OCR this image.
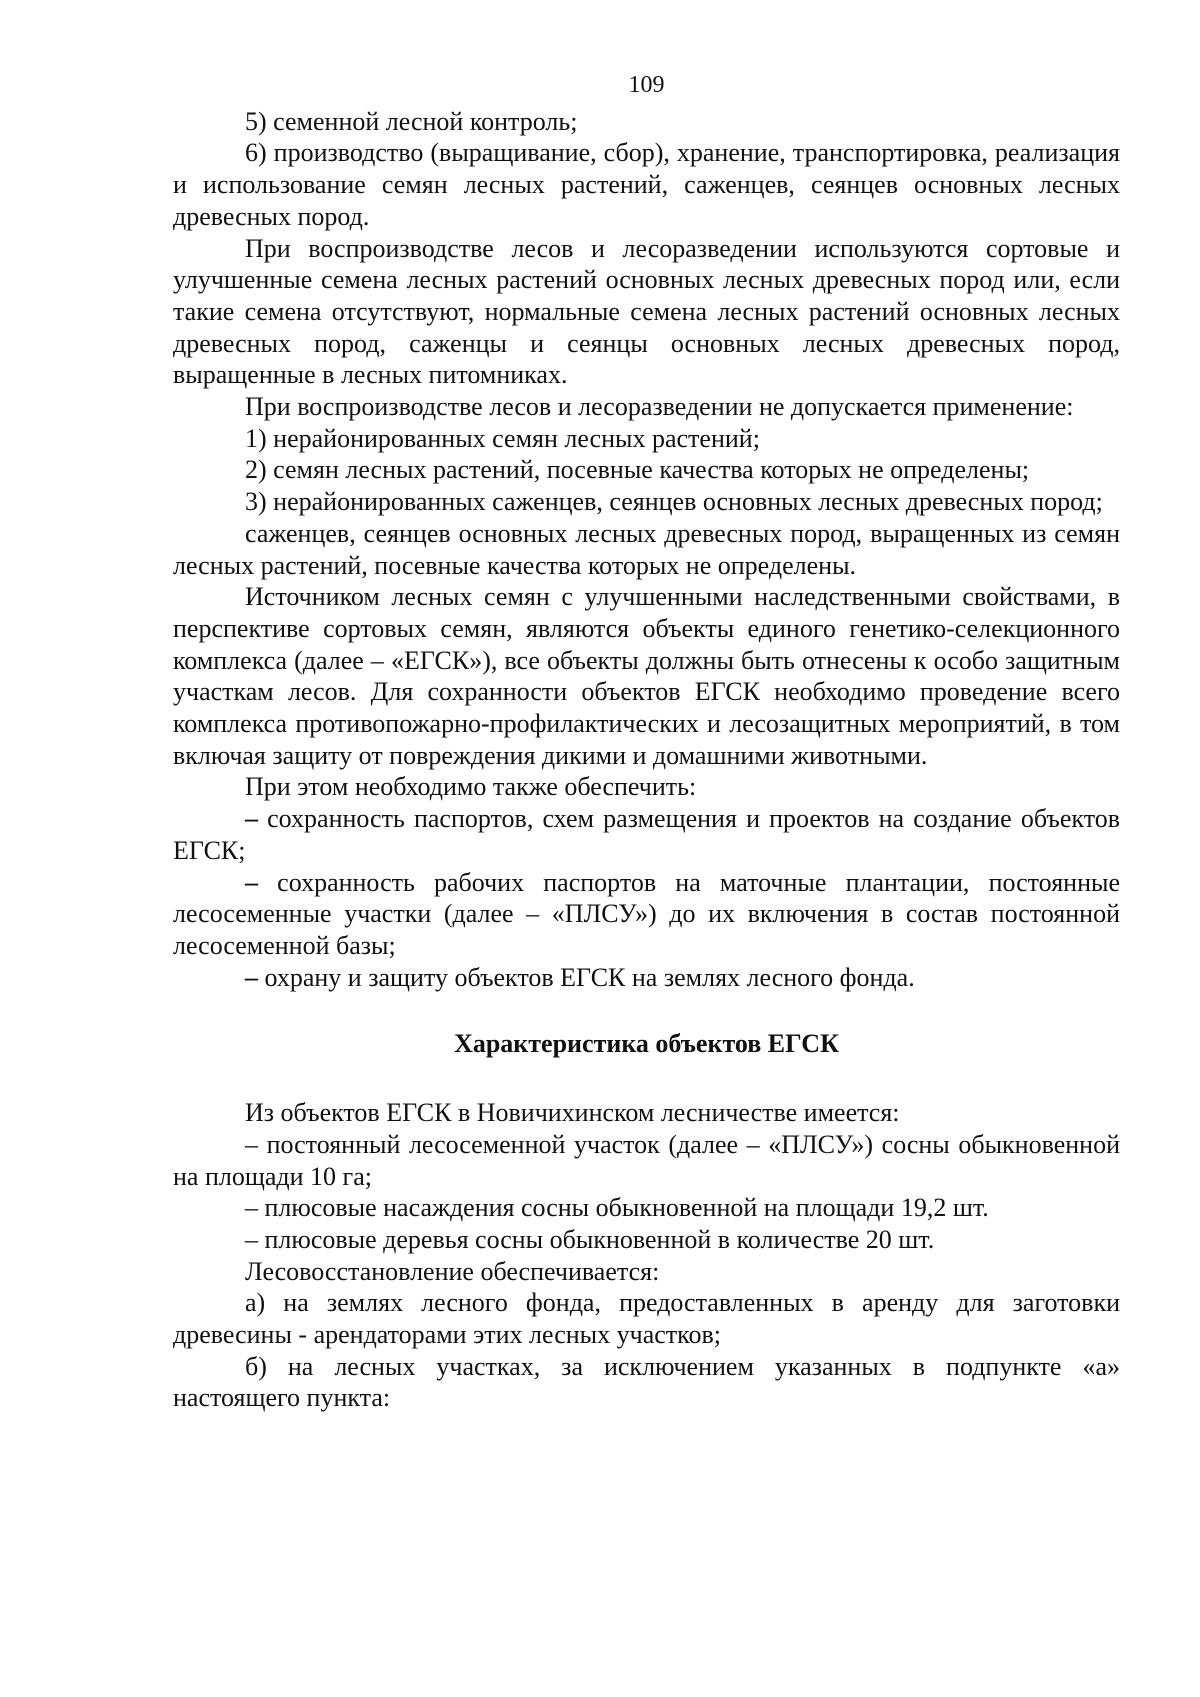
109

5) семенной лесной контроль;

6) производство (выращивание, сбор), хранение, транспортировка, реализация и использование семян лесных растений, саженцев, сеянцев основных лесных древесных пород.

При воспроизводстве лесов и лесоразведении используются сортовые и улучшенные семена лесных растений основных лесных древесных пород или, если такие семена отсутствуют, нормальные семена лесных растений основных лесных древесных пород, саженцы и сеянцы основных лесных древесных пород, выращенные в лесных питомниках.

При воспроизводстве лесов и лесоразведении не допускается применение:

1) нерайонированных семян лесных растений;

2) семян лесных растений, посевные качества которых не определены;

3) нерайонированных саженцев, сеянцев основных лесных древесных пород;

саженцев, сеянцев основных лесных древесных пород, выращенных из семян лесных растений, посевные качества которых не определены.

Источником лесных семян с улучшенными наследственными свойствами, в перспективе сортовых семян, являются объекты единого генетико-селекционного комплекса (далее – «ЕГСК»), все объекты должны быть отнесены к особо защитным участкам лесов. Для сохранности объектов ЕГСК необходимо проведение всего комплекса противопожарно-профилактических и лесозащитных мероприятий, в том включая защиту от повреждения дикими и домашними животными.

При этом необходимо также обеспечить:

– сохранность паспортов, схем размещения и проектов на создание объектов ЕГСК;

– сохранность рабочих паспортов на маточные плантации, постоянные лесосеменные участки (далее – «ПЛСУ») до их включения в состав постоянной лесосеменной базы;

– охрану и защиту объектов ЕГСК на землях лесного фонда.

Характеристика объектов ЕГСК

Из объектов ЕГСК в Новичихинском лесничестве имеется:

– постоянный лесосеменной участок (далее – «ПЛСУ») сосны обыкновенной на площади 10 га;

– плюсовые насаждения сосны обыкновенной на площади 19,2 шт.

– плюсовые деревья сосны обыкновенной в количестве 20 шт.

Лесовосстановление обеспечивается:

а) на землях лесного фонда, предоставленных в аренду для заготовки древесины - арендаторами этих лесных участков;

б) на лесных участках, за исключением указанных в подпункте «а» настоящего пункта:
